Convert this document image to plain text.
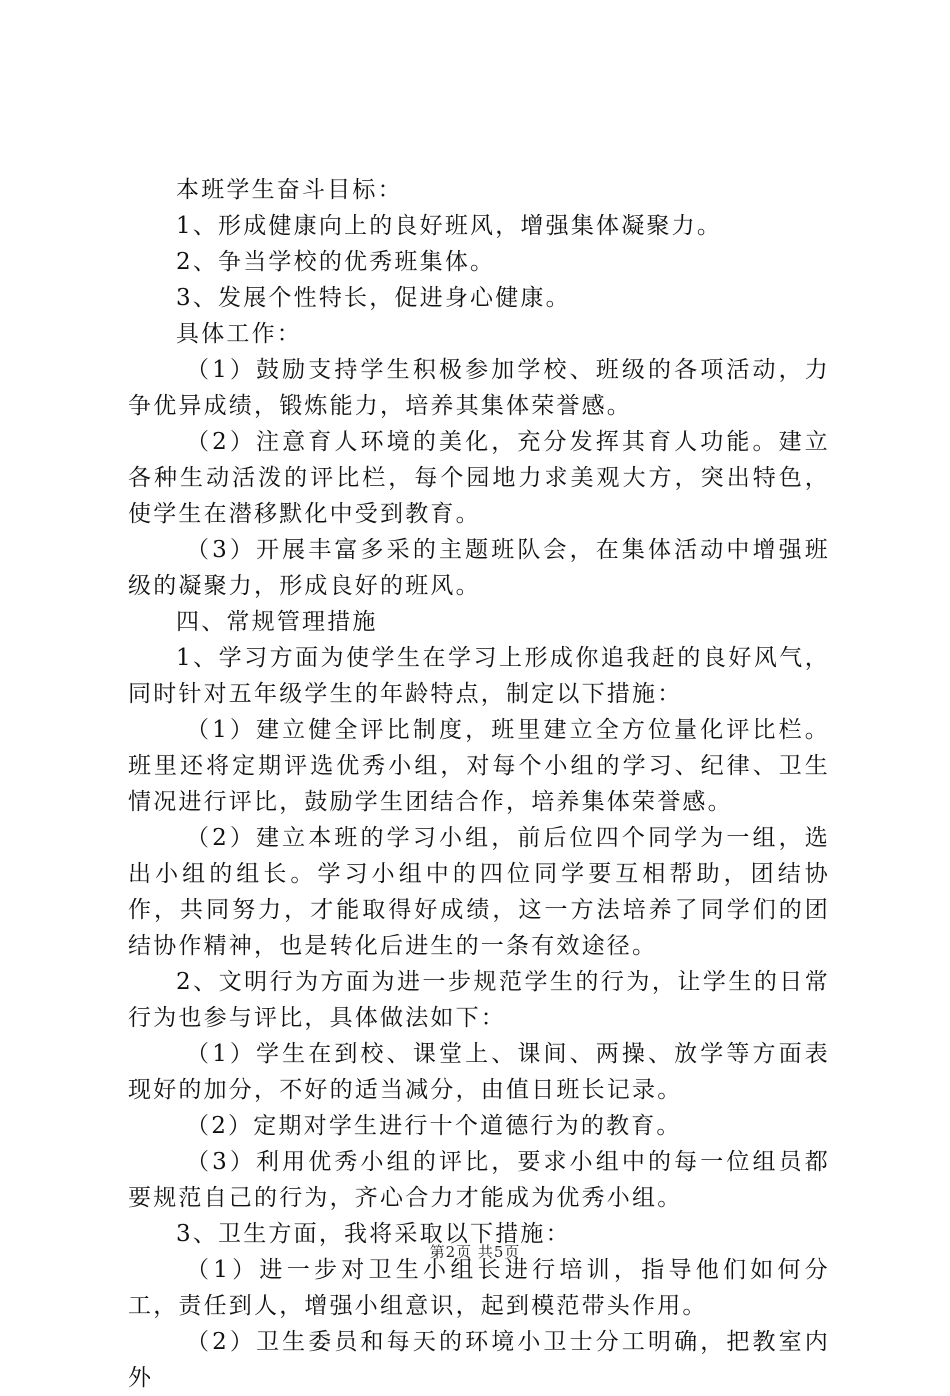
本班学生奋斗目标：

1、形成健康向上的良好班风，增强集体凝聚力。

2、争当学校的优秀班集体。

3、发展个性特长，促进身心健康。

具体工作：

（1）鼓励支持学生积极参加学校、班级的各项活动，力争优异成绩，锻炼能力，培养其集体荣誉感。

（2）注意育人环境的美化，充分发挥其育人功能。建立各种生动活泼的评比栏，每个园地力求美观大方，突出特色，使学生在潜移默化中受到教育。

（3）开展丰富多采的主题班队会，在集体活动中增强班级的凝聚力，形成良好的班风。

四、常规管理措施

1、学习方面为使学生在学习上形成你追我赶的良好风气，同时针对五年级学生的年龄特点，制定以下措施：

（1）建立健全评比制度，班里建立全方位量化评比栏。班里还将定期评选优秀小组，对每个小组的学习、纪律、卫生情况进行评比，鼓励学生团结合作，培养集体荣誉感。

（2）建立本班的学习小组，前后位四个同学为一组，选出小组的组长。学习小组中的四位同学要互相帮助，团结协作，共同努力，才能取得好成绩，这一方法培养了同学们的团结协作精神，也是转化后进生的一条有效途径。

2、文明行为方面为进一步规范学生的行为，让学生的日常行为也参与评比，具体做法如下：

（1）学生在到校、课堂上、课间、两操、放学等方面表现好的加分，不好的适当减分，由值日班长记录。

（2）定期对学生进行十个道德行为的教育。

（3）利用优秀小组的评比，要求小组中的每一位组员都要规范自己的行为，齐心合力才能成为优秀小组。

3、卫生方面，我将采取以下措施：

（1）进一步对卫生小组长进行培训，指导他们如何分工，责任到人，增强小组意识，起到模范带头作用。

（2）卫生委员和每天的环境小卫士分工明确，把教室内外

第2页 共5页
